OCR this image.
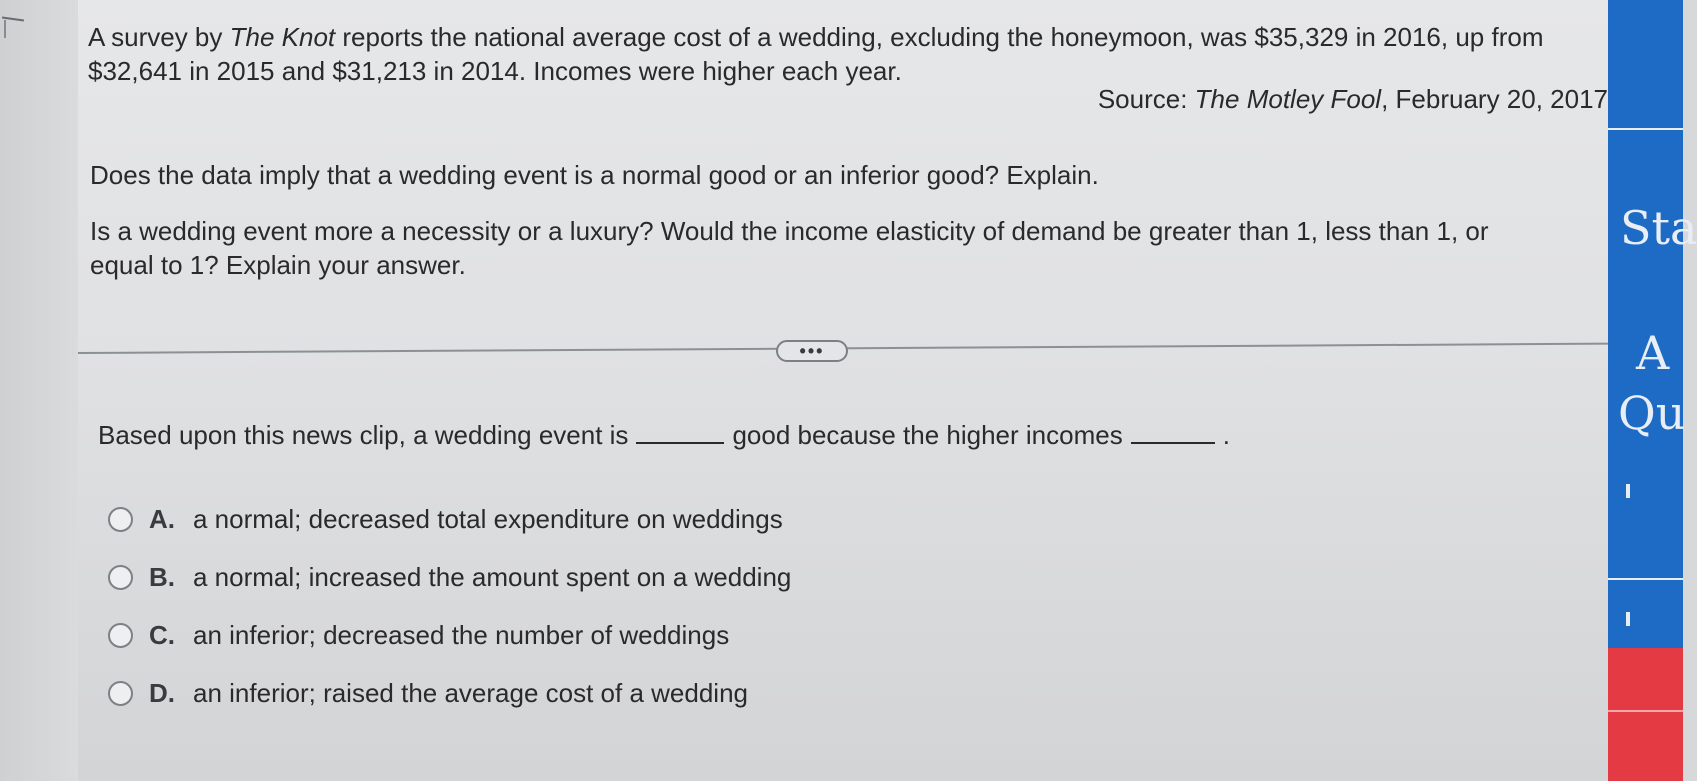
A survey by The Knot reports the national average cost of a wedding, excluding the honeymoon, was $35,329 in 2016, up from $32,641 in 2015 and $31,213 in 2014. Incomes were higher each year.

Source: The Motley Fool, February 20, 2017

Does the data imply that a wedding event is a normal good or an inferior good? Explain.

Is a wedding event more a necessity or a luxury? Would the income elasticity of demand be greater than 1, less than 1, or equal to 1? Explain your answer.

•••

Based upon this news clip, a wedding event is	good because the higher incomes	.

A. a normal; decreased total expenditure on weddings
B. a normal; increased the amount spent on a wedding
C. an inferior; decreased the number of weddings
D. an inferior; raised the average cost of a wedding
Sta
A
Qu
